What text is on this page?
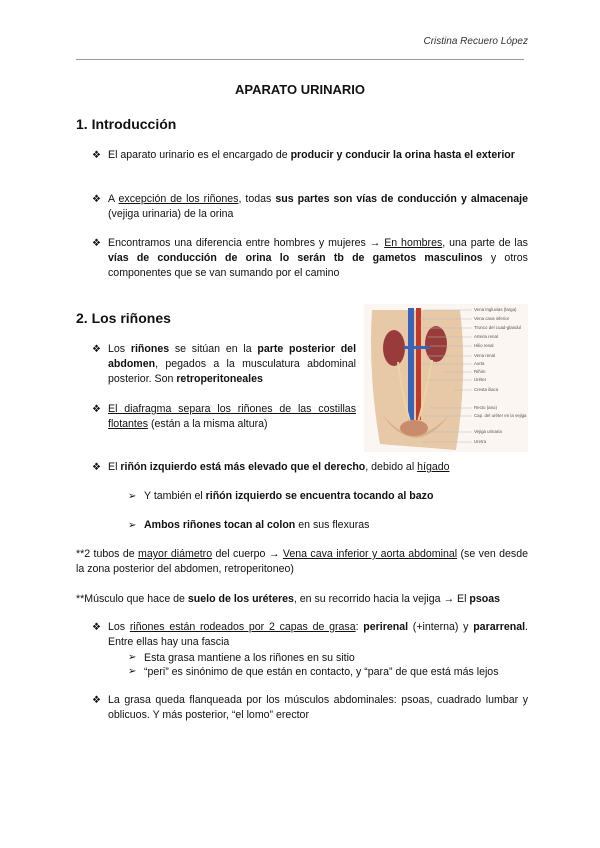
Cristina Recuero López
APARATO URINARIO
1. Introducción
❖ El aparato urinario es el encargado de producir y conducir la orina hasta el exterior
❖ A excepción de los riñones, todas sus partes son vías de conducción y almacenaje (vejiga urinaria) de la orina
❖ Encontramos una diferencia entre hombres y mujeres → En hombres, una parte de las vías de conducción de orina lo serán tb de gametos masculinos y otros componentes que se van sumando por el camino
2. Los riñones
❖ Los riñones se sitúan en la parte posterior del abdomen, pegados a la musculatura abdominal posterior. Son retroperitoneales
❖ El diafragma separa los riñones de las costillas flotantes (están a la misma altura)
Vena Ingluvias (larga)
Vena cava inferior
Tronco del cuad-glandul
Arteria renal
Hilio renal
Vena renal
Aorta
Riñón
Uréter
Cresta iliaca
Recto (ano)
Cap. del uréter en la vejiga
Vejiga urinaria
Uretra
❖ El riñón izquierdo está más elevado que el derecho, debido al hígado
➢ Y también el riñón izquierdo se encuentra tocando al bazo
➢ Ambos riñones tocan al colon en sus flexuras
**2 tubos de mayor diámetro del cuerpo → Vena cava inferior y aorta abdominal (se ven desde la zona posterior del abdomen, retroperitoneo)
**Músculo que hace de suelo de los uréteres, en su recorrido hacia la vejiga → El psoas
❖ Los riñones están rodeados por 2 capas de grasa: perirenal (+interna) y pararrenal. Entre ellas hay una fascia
➢ Esta grasa mantiene a los riñones en su sitio
➢ “peri” es sinónimo de que están en contacto, y “para” de que está más lejos
❖ La grasa queda flanqueada por los músculos abdominales: psoas, cuadrado lumbar y oblicuos. Y más posterior, “el lomo” erector
